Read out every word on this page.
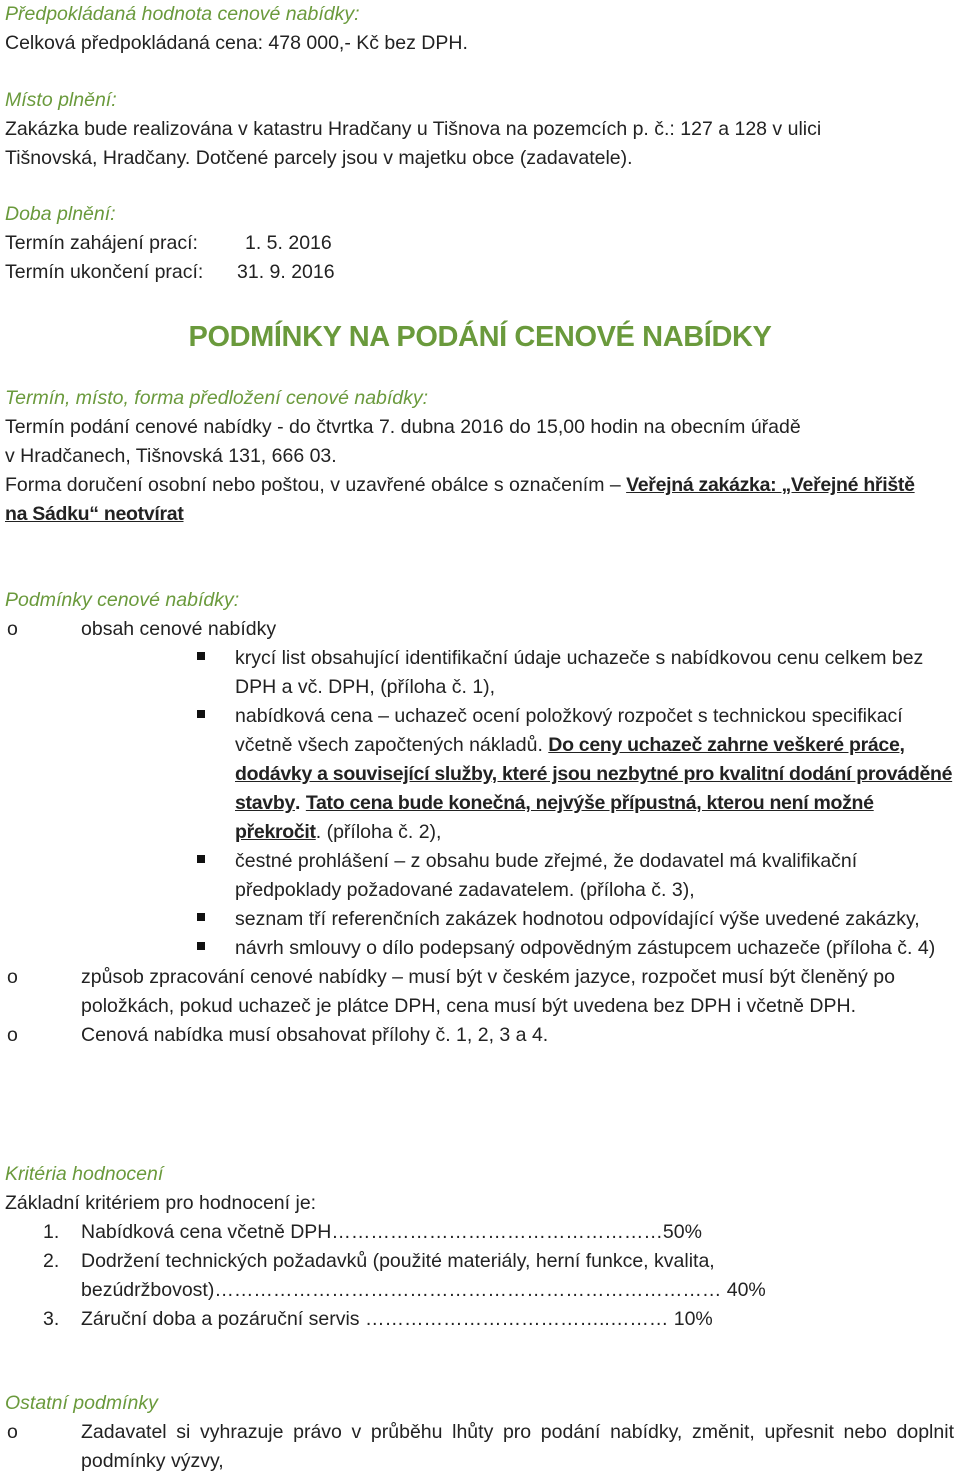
Předpokládaná hodnota cenové nabídky:

Celková předpokládaná cena: 478 000,- Kč bez DPH.

Místo plnění:

Zakázka bude realizována v katastru Hradčany u Tišnova na pozemcích p. č.: 127 a 128 v ulici

Tišnovská, Hradčany. Dotčené parcely jsou v majetku obce (zadavatele).

Doba plnění:

Termín zahájení prací:	1. 5. 2016
Termín ukončení prací:	31. 9. 2016
PODMÍNKY NA PODÁNÍ CENOVÉ NABÍDKY

Termín, místo, forma předložení cenové nabídky:

Termín podání cenové nabídky - do čtvrtka 7. dubna 2016 do 15,00 hodin na obecním úřadě

v Hradčanech, Tišnovská 131, 666 03.

Forma doručení osobní nebo poštou, v uzavřené obálce s označením – Veřejná zakázka: „Veřejné hřiště na Sádku“ neotvírat

Podmínky cenové nabídky:

o	obsah cenové nabídky
krycí list obsahující identifikační údaje uchazeče s nabídkovou cenu celkem bez DPH a vč. DPH, (příloha č. 1),
nabídková cena – uchazeč ocení položkový rozpočet s technickou specifikací včetně všech započtených nákladů. Do ceny uchazeč zahrne veškeré práce, dodávky a související služby, které jsou nezbytné pro kvalitní dodání prováděné stavby. Tato cena bude konečná, nejvýše přípustná, kterou není možné překročit. (příloha č. 2),
čestné prohlášení – z obsahu bude zřejmé, že dodavatel má kvalifikační předpoklady požadované zadavatelem. (příloha č. 3),
seznam tří referenčních zakázek hodnotou odpovídající výše uvedené zakázky,
návrh smlouvy o dílo podepsaný odpovědným zástupcem uchazeče (příloha č. 4)
o	způsob zpracování cenové nabídky – musí být v českém jazyce, rozpočet musí být členěný po položkách, pokud uchazeč je plátce DPH, cena musí být uvedena bez DPH i včetně DPH.
o	Cenová nabídka musí obsahovat přílohy č. 1, 2, 3 a 4.

Kritéria hodnocení

Základní kritériem pro hodnocení je:

1. Nabídková cena včetně DPH……………………………………………50%
2. Dodržení technických požadavků (použité materiály, herní funkce, kvalita, bezúdržbovost)…………………………………………………………………… 40%
3. Záruční doba a pozáruční servis ………………………………..……… 10%

Ostatní podmínky

o	Zadavatel si vyhrazuje právo v průběhu lhůty pro podání nabídky, změnit, upřesnit nebo doplnit podmínky výzvy,
